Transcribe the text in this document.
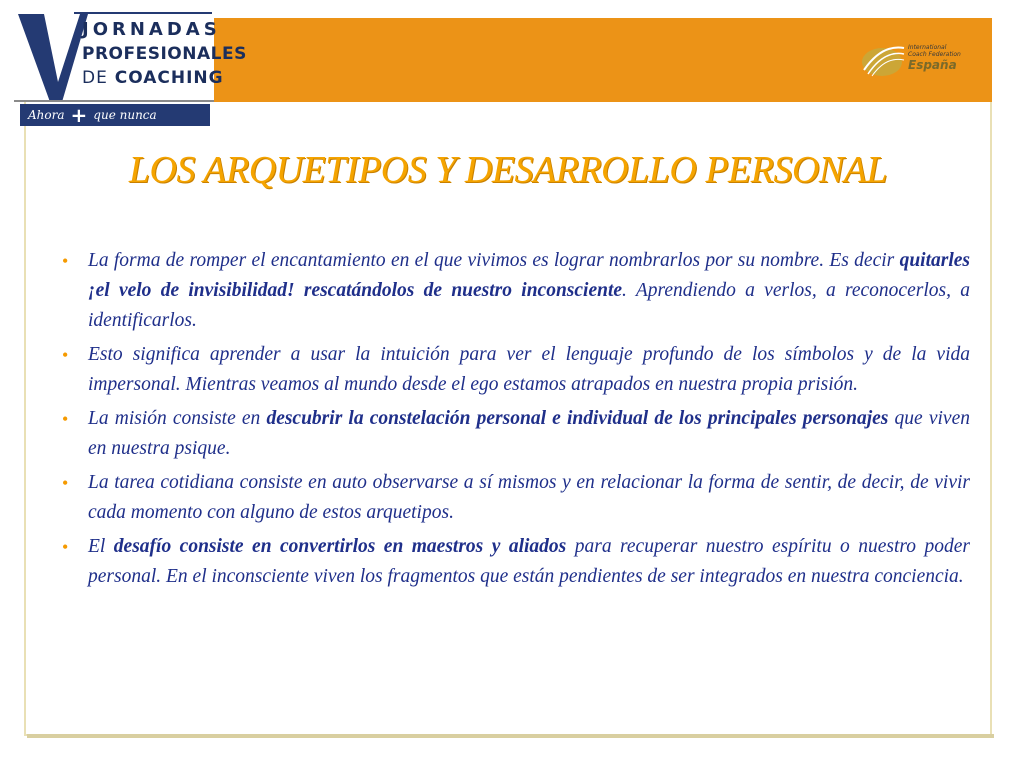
JORNADAS
PROFESIONALES
DE COACHING
Ahora + que nunca
International
Coach Federation
España
LOS ARQUETIPOS Y DESARROLLO PERSONAL
• La forma de romper el encantamiento en el que vivimos es lograr nombrarlos por su nombre. Es decir quitarles ¡el velo de invisibilidad! rescatándolos de nuestro inconsciente. Aprendiendo a verlos, a reconocerlos, a identificarlos.
• Esto significa aprender a usar la intuición para ver el lenguaje profundo de los símbolos y de la vida impersonal. Mientras veamos al mundo desde el ego estamos atrapados en nuestra propia prisión.
• La misión consiste en descubrir la constelación personal e individual de los principales personajes que viven en nuestra psique.
• La tarea cotidiana consiste en auto observarse a sí mismos y en relacionar la forma de sentir, de decir, de vivir cada momento con alguno de estos arquetipos.
• El desafío consiste en convertirlos en maestros y aliados para recuperar nuestro espíritu o nuestro poder personal. En el inconsciente viven los fragmentos que están pendientes de ser integrados en nuestra conciencia.
